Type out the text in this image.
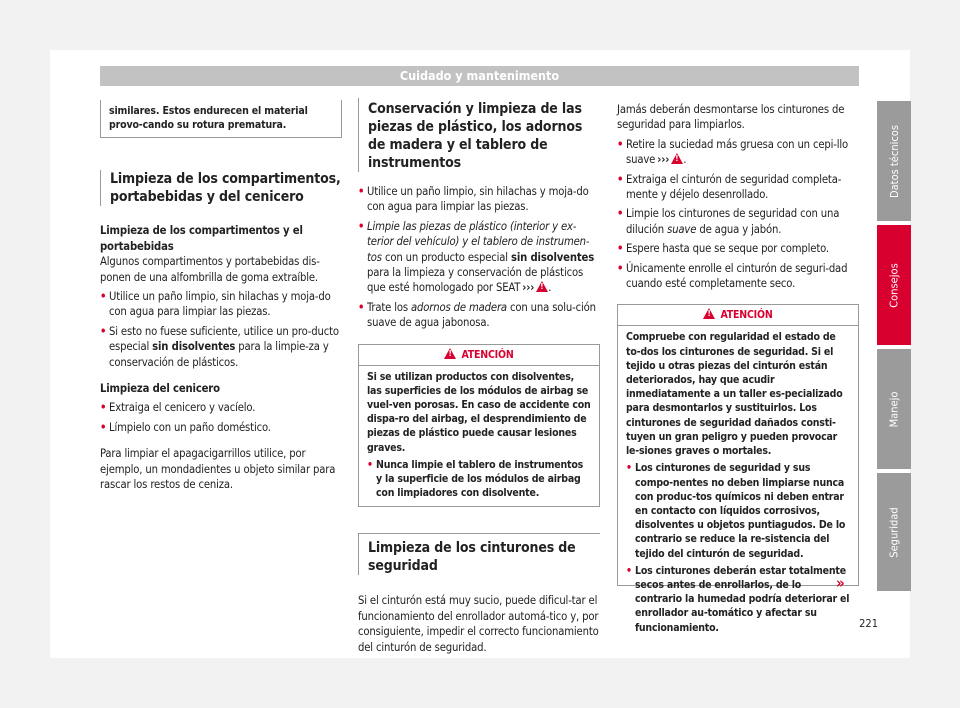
Cuidado y mantenimento
similares. Estos endurecen el material provo-cando su rotura prematura.
Limpieza de los compartimentos, portabebidas y del cenicero

Limpieza de los compartimentos y el portabebidas

Algunos compartimentos y portabebidas dis-ponen de una alfombrilla de goma extraíble.

• Utilice un paño limpio, sin hilachas y moja-do con agua para limpiar las piezas.

• Si esto no fuese suficiente, utilice un pro-ducto especial sin disolventes para la limpie-za y conservación de plásticos.

Limpieza del cenicero

• Extraiga el cenicero y vacíelo.

• Límpielo con un paño doméstico.

Para limpiar el apagacigarrillos utilice, por ejemplo, un mondadientes u objeto similar para rascar los restos de ceniza.

Conservación y limpieza de las piezas de plástico, los adornos de madera y el tablero de instrumentos

• Utilice un paño limpio, sin hilachas y moja-do con agua para limpiar las piezas.

• Limpie las piezas de plástico (interior y ex-terior del vehículo) y el tablero de instrumen-tos con un producto especial sin disolventes para la limpieza y conservación de plásticos que esté homologado por SEAT ››› ! .

• Trate los adornos de madera con una solu-ción suave de agua jabonosa.

!ATENCIÓN

Si se utilizan productos con disolventes, las superficies de los módulos de airbag se vuel-ven porosas. En caso de accidente con dispa-ro del airbag, el desprendimiento de piezas de plástico puede causar lesiones graves.

• Nunca limpie el tablero de instrumentos y la superficie de los módulos de airbag con limpiadores con disolvente.

Limpieza de los cinturones de seguridad

Si el cinturón está muy sucio, puede dificul-tar el funcionamiento del enrollador automá-tico y, por consiguiente, impedir el correcto funcionamiento del cinturón de seguridad.

Jamás deberán desmontarse los cinturones de seguridad para limpiarlos.

• Retire la suciedad más gruesa con un cepi-llo suave ››› ! .

• Extraiga el cinturón de seguridad completa-mente y déjelo desenrollado.

• Limpie los cinturones de seguridad con una dilución suave de agua y jabón.

• Espere hasta que se seque por completo.

• Únicamente enrolle el cinturón de seguri-dad cuando esté completamente seco.

!ATENCIÓN

Compruebe con regularidad el estado de to-dos los cinturones de seguridad. Si el tejido u otras piezas del cinturón están deteriorados, hay que acudir inmediatamente a un taller es-pecializado para desmontarlos y sustituirlos. Los cinturones de seguridad dañados consti-tuyen un gran peligro y pueden provocar le-siones graves o mortales.

• Los cinturones de seguridad y sus compo-nentes no deben limpiarse nunca con produc-tos químicos ni deben entrar en contacto con líquidos corrosivos, disolventes u objetos puntiagudos. De lo contrario se reduce la re-sistencia del tejido del cinturón de seguridad.

• Los cinturones deberán estar totalmente secos antes de enrollarlos, de lo contrario la humedad podría deteriorar el enrollador au-tomático y afectar su funcionamiento.

»
Datos técnicos
Consejos
Manejo
Seguridad
221
